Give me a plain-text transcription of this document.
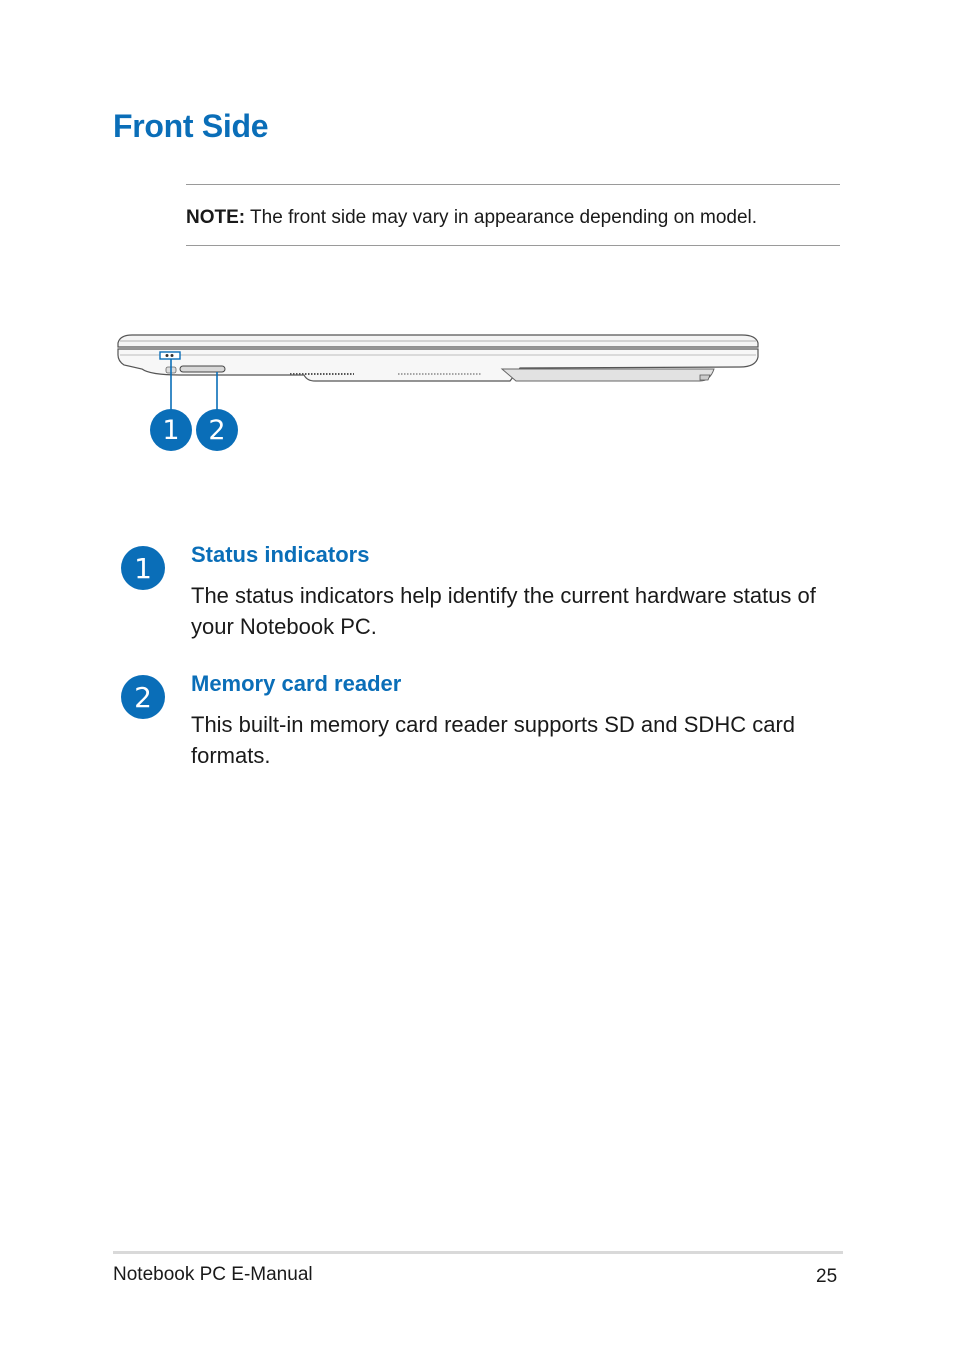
Front Side
NOTE: The front side may vary in appearance depending on model.
1	2
1	Status indicators
The status indicators help identify the current hardware status of your Notebook PC.
2	Memory card reader
This built-in memory card reader supports SD and SDHC card formats.
Notebook PC E-Manual	25
